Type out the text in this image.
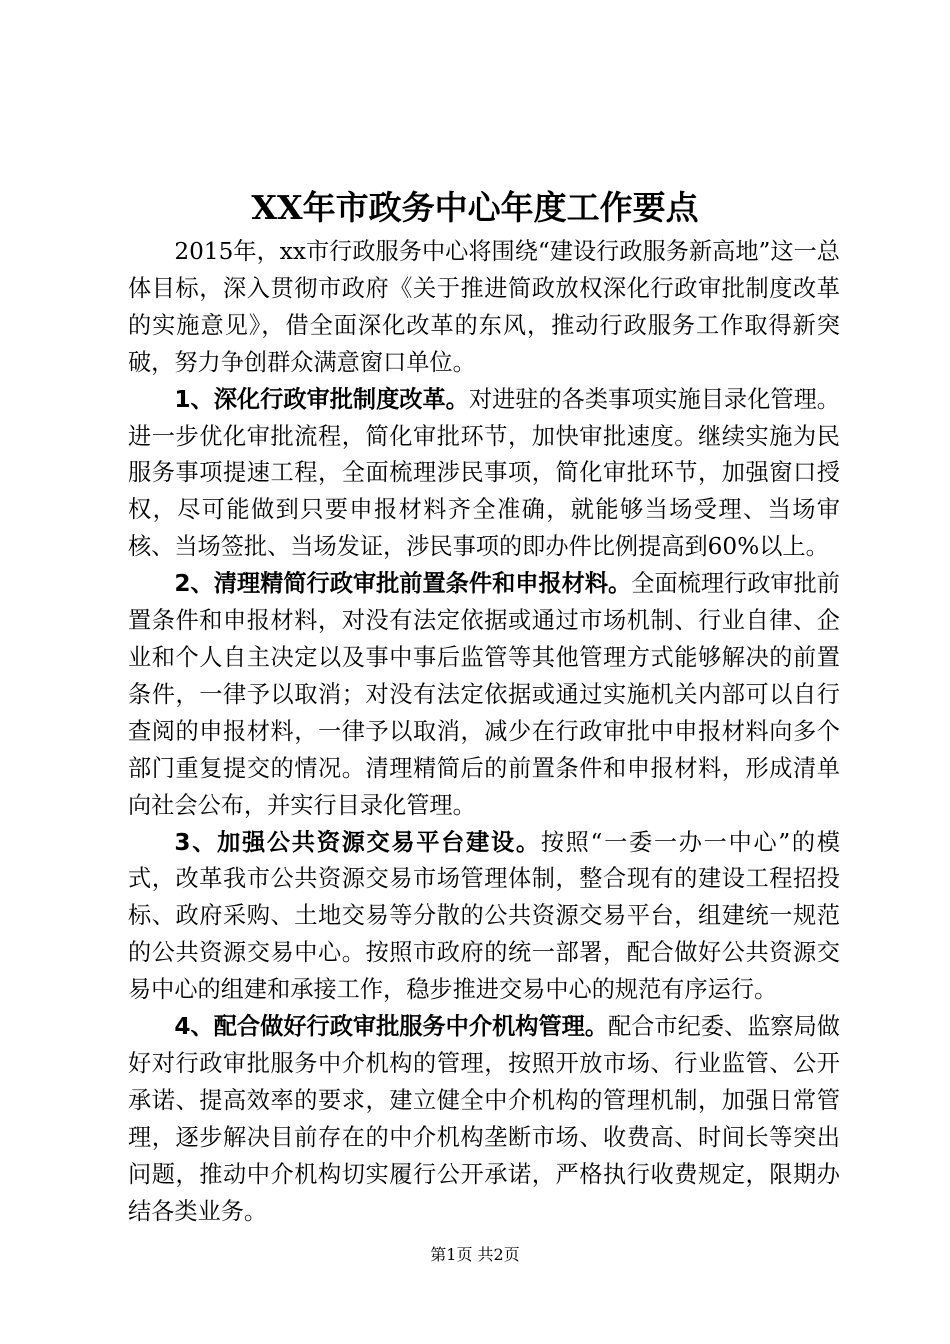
XX年市政务中心年度工作要点

2015年，xx市行政服务中心将围绕“建设行政服务新高地”这一总体目标，深入贯彻市政府《关于推进简政放权深化行政审批制度改革的实施意见》，借全面深化改革的东风，推动行政服务工作取得新突破，努力争创群众满意窗口单位。

1、深化行政审批制度改革。对进驻的各类事项实施目录化管理。进一步优化审批流程，简化审批环节，加快审批速度。继续实施为民服务事项提速工程，全面梳理涉民事项，简化审批环节，加强窗口授权，尽可能做到只要申报材料齐全准确，就能够当场受理、当场审核、当场签批、当场发证，涉民事项的即办件比例提高到60%以上。

2、清理精简行政审批前置条件和申报材料。全面梳理行政审批前置条件和申报材料，对没有法定依据或通过市场机制、行业自律、企业和个人自主决定以及事中事后监管等其他管理方式能够解决的前置条件，一律予以取消；对没有法定依据或通过实施机关内部可以自行查阅的申报材料，一律予以取消，减少在行政审批中申报材料向多个部门重复提交的情况。清理精简后的前置条件和申报材料，形成清单向社会公布，并实行目录化管理。

3、加强公共资源交易平台建设。按照“一委一办一中心”的模式，改革我市公共资源交易市场管理体制，整合现有的建设工程招投标、政府采购、土地交易等分散的公共资源交易平台，组建统一规范的公共资源交易中心。按照市政府的统一部署，配合做好公共资源交易中心的组建和承接工作，稳步推进交易中心的规范有序运行。

4、配合做好行政审批服务中介机构管理。配合市纪委、监察局做好对行政审批服务中介机构的管理，按照开放市场、行业监管、公开承诺、提高效率的要求，建立健全中介机构的管理机制，加强日常管理，逐步解决目前存在的中介机构垄断市场、收费高、时间长等突出问题，推动中介机构切实履行公开承诺，严格执行收费规定，限期办结各类业务。

第1页 共2页
